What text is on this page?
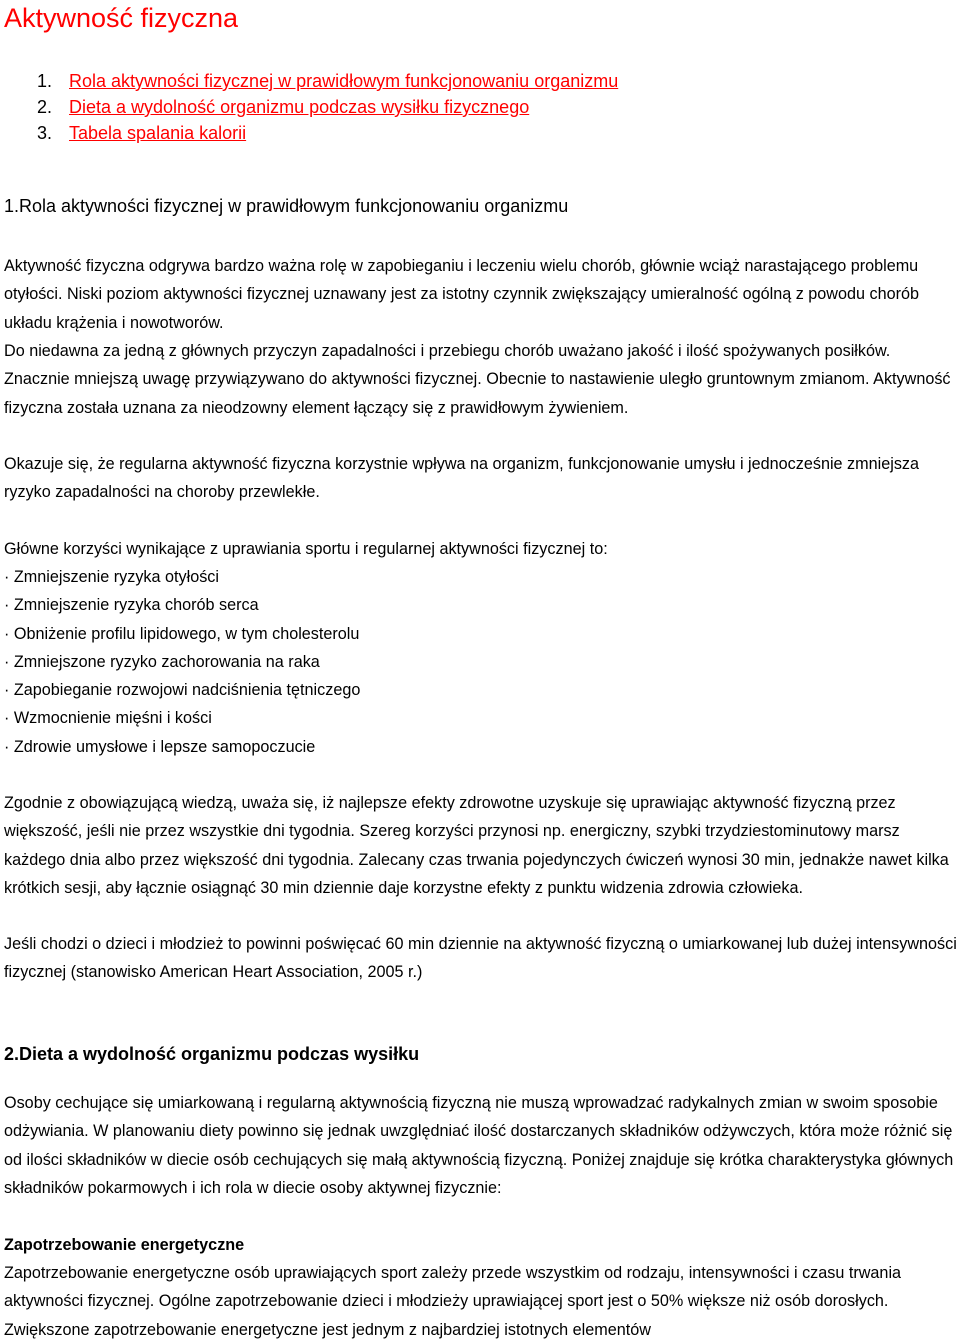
Aktywność fizyczna
1. Rola aktywności fizycznej w prawidłowym funkcjonowaniu organizmu
2. Dieta a wydolność organizmu podczas wysiłku fizycznego
3. Tabela spalania kalorii
1.Rola aktywności fizycznej w prawidłowym funkcjonowaniu organizmu

Aktywność fizyczna odgrywa bardzo ważna rolę w zapobieganiu i leczeniu wielu chorób, głównie wciąż narastającego problemu otyłości. Niski poziom aktywności fizycznej uznawany jest za istotny czynnik zwiększający umieralność ogólną z powodu chorób układu krążenia i nowotworów.

Do niedawna za jedną z głównych przyczyn zapadalności i przebiegu chorób uważano jakość i ilość spożywanych posiłków. Znacznie mniejszą uwagę przywiązywano do aktywności fizycznej. Obecnie to nastawienie uległo gruntownym zmianom. Aktywność fizyczna została uznana za nieodzowny element łączący się z prawidłowym żywieniem.

Okazuje się, że regularna aktywność fizyczna korzystnie wpływa na organizm, funkcjonowanie umysłu i jednocześnie zmniejsza ryzyko zapadalności na choroby przewlekłe.

Główne korzyści wynikające z uprawiania sportu i regularnej aktywności fizycznej to:

· Zmniejszenie ryzyka otyłości
· Zmniejszenie ryzyka chorób serca
· Obniżenie profilu lipidowego, w tym cholesterolu
· Zmniejszone ryzyko zachorowania na raka
· Zapobieganie rozwojowi nadciśnienia tętniczego
· Wzmocnienie mięśni i kości
· Zdrowie umysłowe i lepsze samopoczucie

Zgodnie z obowiązującą wiedzą, uważa się, iż najlepsze efekty zdrowotne uzyskuje się uprawiając aktywność fizyczną przez większość, jeśli nie przez wszystkie dni tygodnia. Szereg korzyści przynosi np. energiczny, szybki trzydziestominutowy marsz każdego dnia albo przez większość dni tygodnia. Zalecany czas trwania pojedynczych ćwiczeń wynosi 30 min, jednakże nawet kilka krótkich sesji, aby łącznie osiągnąć 30 min dziennie daje korzystne efekty z punktu widzenia zdrowia człowieka.

Jeśli chodzi o dzieci i młodzież to powinni poświęcać 60 min dziennie na aktywność fizyczną o umiarkowanej lub dużej intensywności fizycznej (stanowisko American Heart Association, 2005 r.)

2.Dieta a wydolność organizmu podczas wysiłku

Osoby cechujące się umiarkowaną i regularną aktywnością fizyczną nie muszą wprowadzać radykalnych zmian w swoim sposobie odżywiania. W planowaniu diety powinno się jednak uwzględniać ilość dostarczanych składników odżywczych, która może różnić się od ilości składników w diecie osób cechujących się małą aktywnością fizyczną. Poniżej znajduje się krótka charakterystyka głównych składników pokarmowych i ich rola w diecie osoby aktywnej fizycznie:

Zapotrzebowanie energetyczne

Zapotrzebowanie energetyczne osób uprawiających sport zależy przede wszystkim od rodzaju, intensywności i czasu trwania aktywności fizycznej. Ogólne zapotrzebowanie dzieci i młodzieży uprawiającej sport jest o 50% większe niż osób dorosłych. Zwiększone zapotrzebowanie energetyczne jest jednym z najbardziej istotnych elementów
